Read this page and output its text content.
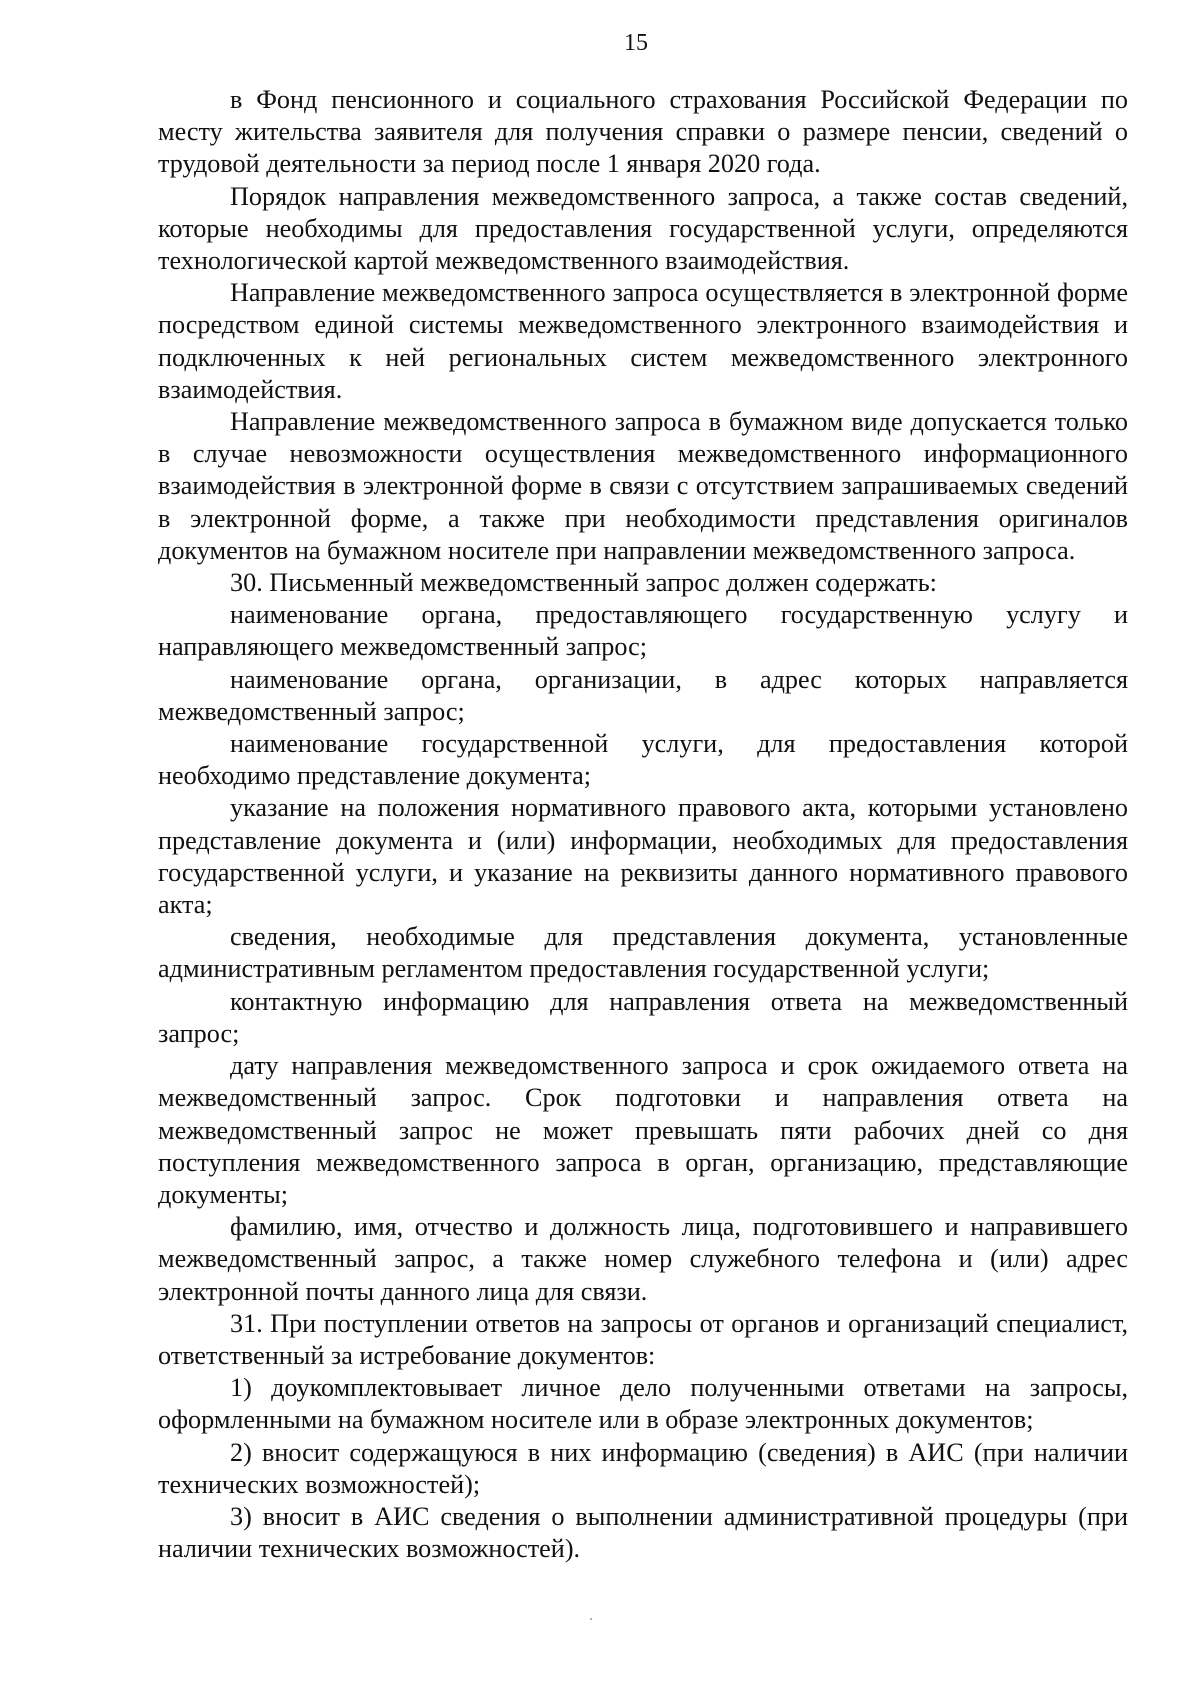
15

в Фонд пенсионного и социального страхования Российской Федерации по месту жительства заявителя для получения справки о размере пенсии, сведений о трудовой деятельности за период после 1 января 2020 года.

Порядок направления межведомственного запроса, а также состав сведений, которые необходимы для предоставления государственной услуги, определяются технологической картой межведомственного взаимодействия.

Направление межведомственного запроса осуществляется в электронной форме посредством единой системы межведомственного электронного взаимодействия и подключенных к ней региональных систем межведомственного электронного взаимодействия.

Направление межведомственного запроса в бумажном виде допускается только в случае невозможности осуществления межведомственного информационного взаимодействия в электронной форме в связи с отсутствием запрашиваемых сведений в электронной форме, а также при необходимости представления оригиналов документов на бумажном носителе при направлении межведомственного запроса.

30. Письменный межведомственный запрос должен содержать:

наименование органа, предоставляющего государственную услугу и направляющего межведомственный запрос;

наименование органа, организации, в адрес которых направляется межведомственный запрос;

наименование государственной услуги, для предоставления которой необходимо представление документа;

указание на положения нормативного правового акта, которыми установлено представление документа и (или) информации, необходимых для предоставления государственной услуги, и указание на реквизиты данного нормативного правового акта;

сведения, необходимые для представления документа, установленные административным регламентом предоставления государственной услуги;

контактную информацию для направления ответа на межведомственный запрос;

дату направления межведомственного запроса и срок ожидаемого ответа на межведомственный запрос. Срок подготовки и направления ответа на межведомственный запрос не может превышать пяти рабочих дней со дня поступления межведомственного запроса в орган, организацию, представляющие документы;

фамилию, имя, отчество и должность лица, подготовившего и направившего межведомственный запрос, а также номер служебного телефона и (или) адрес электронной почты данного лица для связи.

31. При поступлении ответов на запросы от органов и организаций специалист, ответственный за истребование документов:

1) доукомплектовывает личное дело полученными ответами на запросы, оформленными на бумажном носителе или в образе электронных документов;

2) вносит содержащуюся в них информацию (сведения) в АИС (при наличии технических возможностей);

3) вносит в АИС сведения о выполнении административной процедуры (при наличии технических возможностей).
